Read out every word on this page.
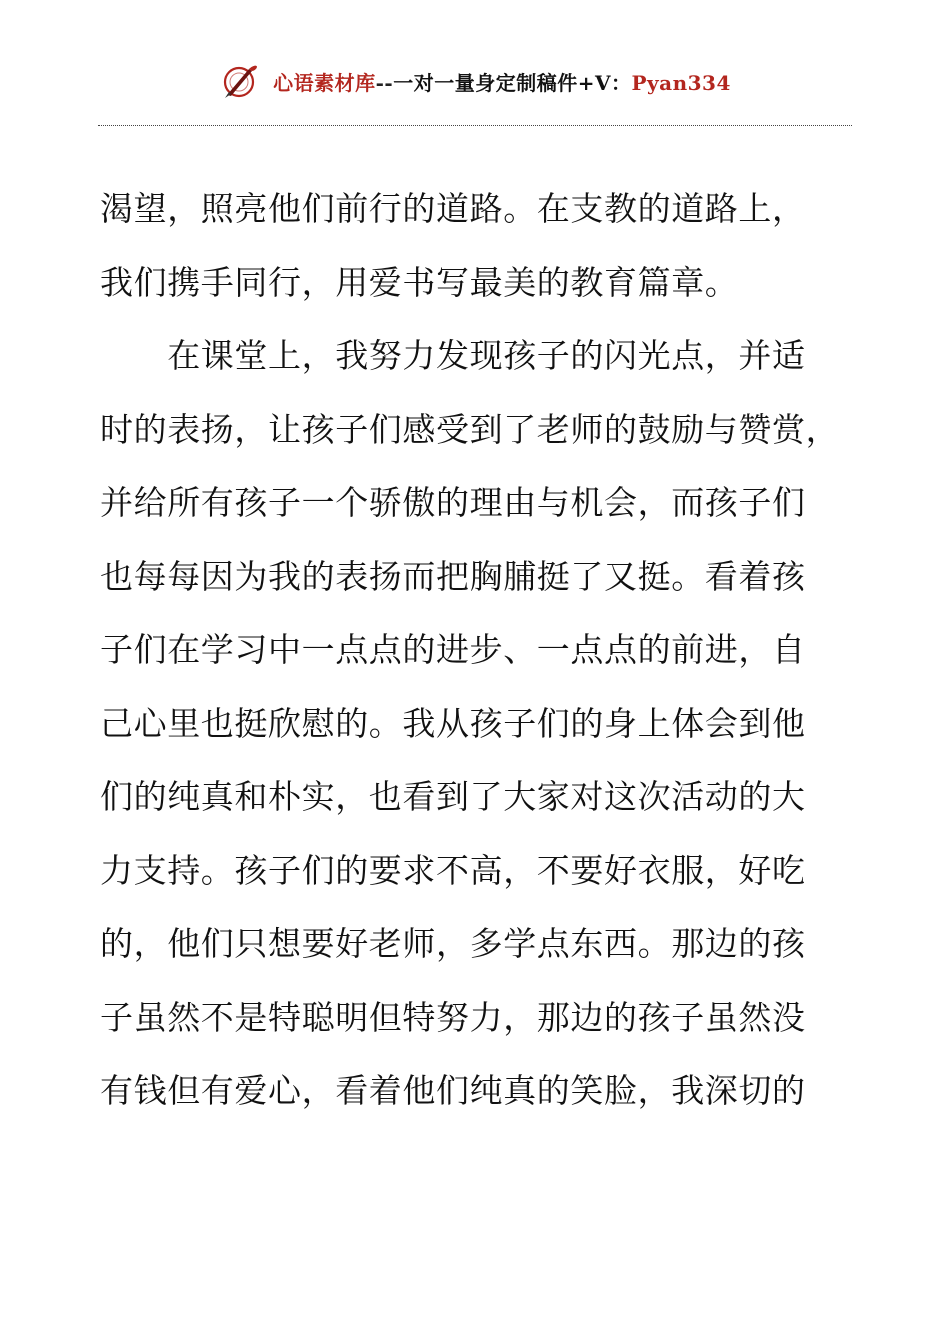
心语素材库--一对一量身定制稿件+V：Pyan334
渴望，照亮他们前行的道路。在支教的道路上，
我们携手同行，用爱书写最美的教育篇章。
　　在课堂上，我努力发现孩子的闪光点，并适
时的表扬，让孩子们感受到了老师的鼓励与赞赏，
并给所有孩子一个骄傲的理由与机会，而孩子们
也每每因为我的表扬而把胸脯挺了又挺。看着孩
子们在学习中一点点的进步、一点点的前进，自
己心里也挺欣慰的。我从孩子们的身上体会到他
们的纯真和朴实，也看到了大家对这次活动的大
力支持。孩子们的要求不高，不要好衣服，好吃
的，他们只想要好老师，多学点东西。那边的孩
子虽然不是特聪明但特努力，那边的孩子虽然没
有钱但有爱心，看着他们纯真的笑脸，我深切的
